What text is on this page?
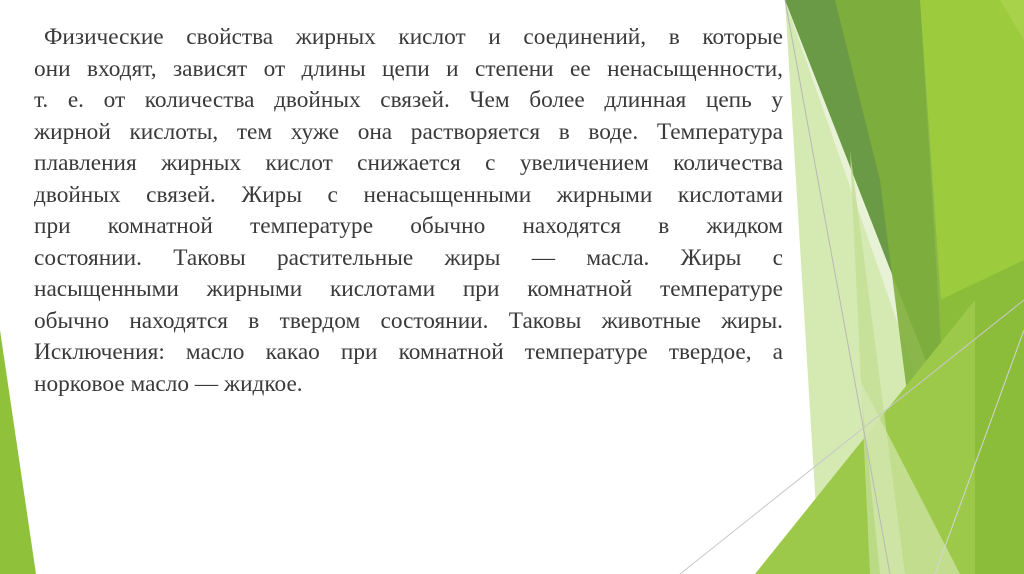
Физические свойства жирных кислот и соединений, в которые
они входят, зависят от длины цепи и степени ее ненасыщенности,
т. е. от количества двойных связей. Чем более длинная цепь у
жирной кислоты, тем хуже она растворяется в воде. Температура
плавления жирных кислот снижается с увеличением количества
двойных связей. Жиры с ненасыщенными жирными кислотами
при комнатной температуре обычно находятся в жидком
состоянии. Таковы растительные жиры — масла. Жиры с
насыщенными жирными кислотами при комнатной температуре
обычно находятся в твердом состоянии. Таковы животные жиры.
Исключения: масло какао при комнатной температуре твердое, а
норковое масло — жидкое.
